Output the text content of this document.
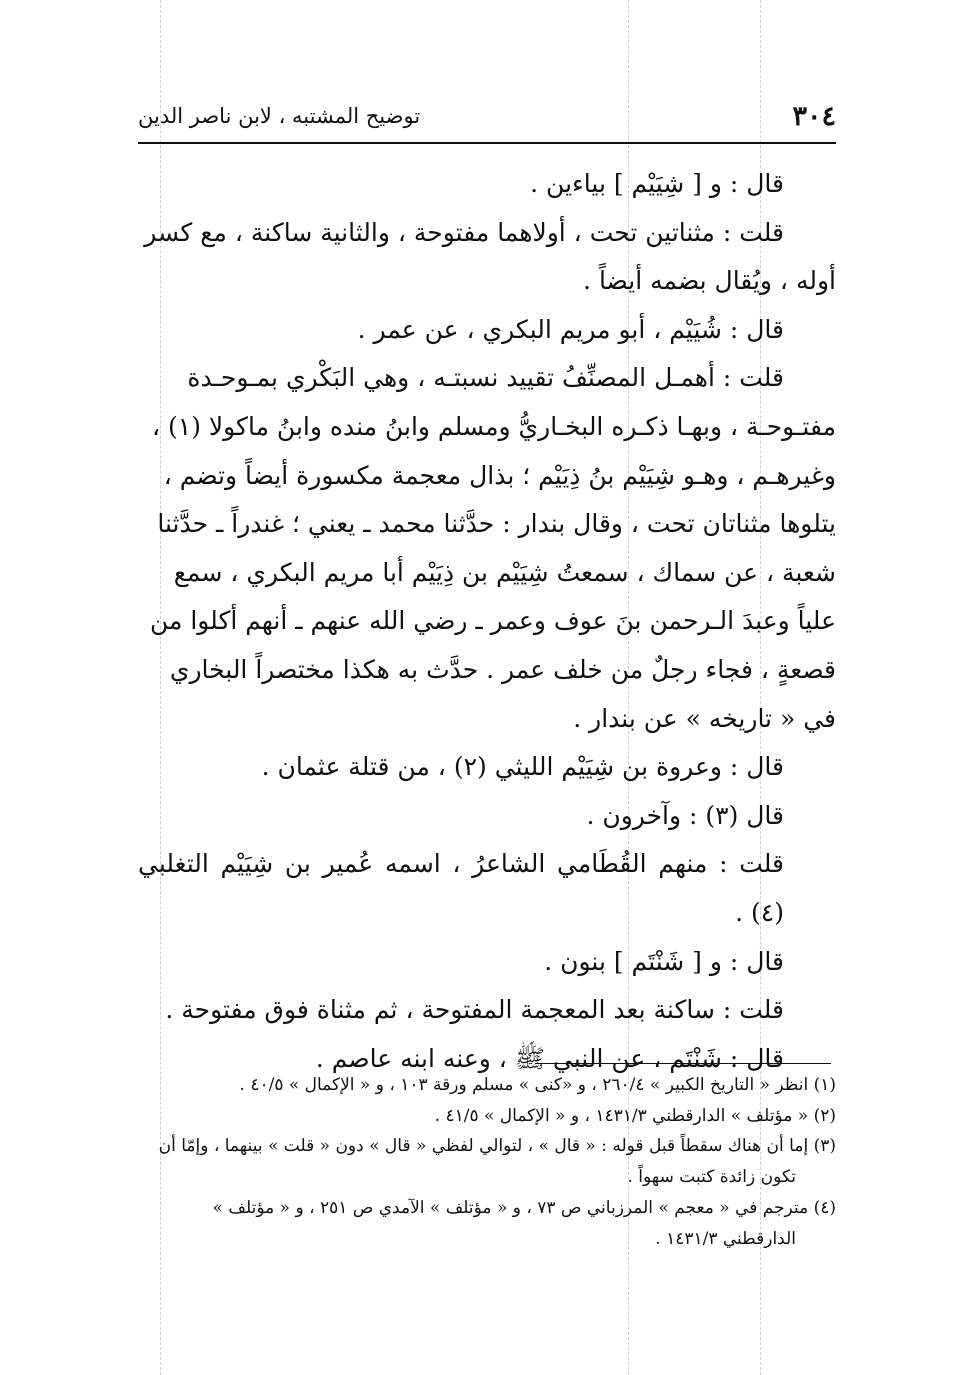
٣٠٤
توضيح المشتبه ، لابن ناصر الدين

قال : و [ شِيَيْم ] بياءين .

قلت : مثناتين تحت ، أولاهما مفتوحة ، والثانية ساكنة ، مع كسر

أوله ، ويُقال بضمه أيضاً .

قال : شُيَيْم ، أبو مريم البكري ، عن عمر .

قلت : أهمـل المصنِّفُ تقييد نسبتـه ، وهي البَكْري بمـوحـدة

مفتـوحـة ، وبهـا ذكـره البخـاريُّ ومسلم وابنُ منده وابنُ ماكولا (١) ،

وغيرهـم ، وهـو شِيَيْم بنُ ذِيَيْم ؛ بذال معجمة مكسورة أيضاً وتضم ،

يتلوها مثناتان تحت ، وقال بندار : حدَّثنا محمد ـ يعني ؛ غندراً ـ حدَّثنا

شعبة ، عن سماك ، سمعتُ شِيَيْم بن ذِيَيْم أبا مريم البكري ، سمع

علياً وعبدَ الـرحمن بنَ عوف وعمر ـ رضي الله عنهم ـ أنهم أكلوا من

قصعةٍ ، فجاء رجلٌ من خلف عمر . حدَّث به هكذا مختصراً البخاري

في « تاريخه » عن بندار .

قال : وعروة بن شِيَيْم الليثي (٢) ، من قتلة عثمان .

قال (٣) : وآخرون .

قلت : منهم القُطَامي الشاعرُ ، اسمه عُمير بن شِيَيْم التغلبي (٤) .

قال : و [ شَنْتَم ] بنون .

قلت : ساكنة بعد المعجمة المفتوحة ، ثم مثناة فوق مفتوحة .

قال : شَنْتَم ، عن النبي ﷺ ، وعنه ابنه عاصم .

(١) انظر « التاريخ الكبير » ٢٦٠/٤ ، و «كنى » مسلم ورقة ١٠٣ ، و « الإكمال » ٤٠/٥ .

(٢) « مؤتلف » الدارقطني ١٤٣١/٣ ، و « الإكمال » ٤١/٥ .

(٣) إما أن هناك سقطاً قبل قوله : « قال » ، لتوالي لفظي « قال » دون « قلت » بينهما ، وإمّا أن

تكون زائدة كتبت سهواً .

(٤) مترجم في « معجم » المرزباني ص ٧٣ ، و « مؤتلف » الآمدي ص ٢٥١ ، و « مؤتلف »

الدارقطني ١٤٣١/٣ .
